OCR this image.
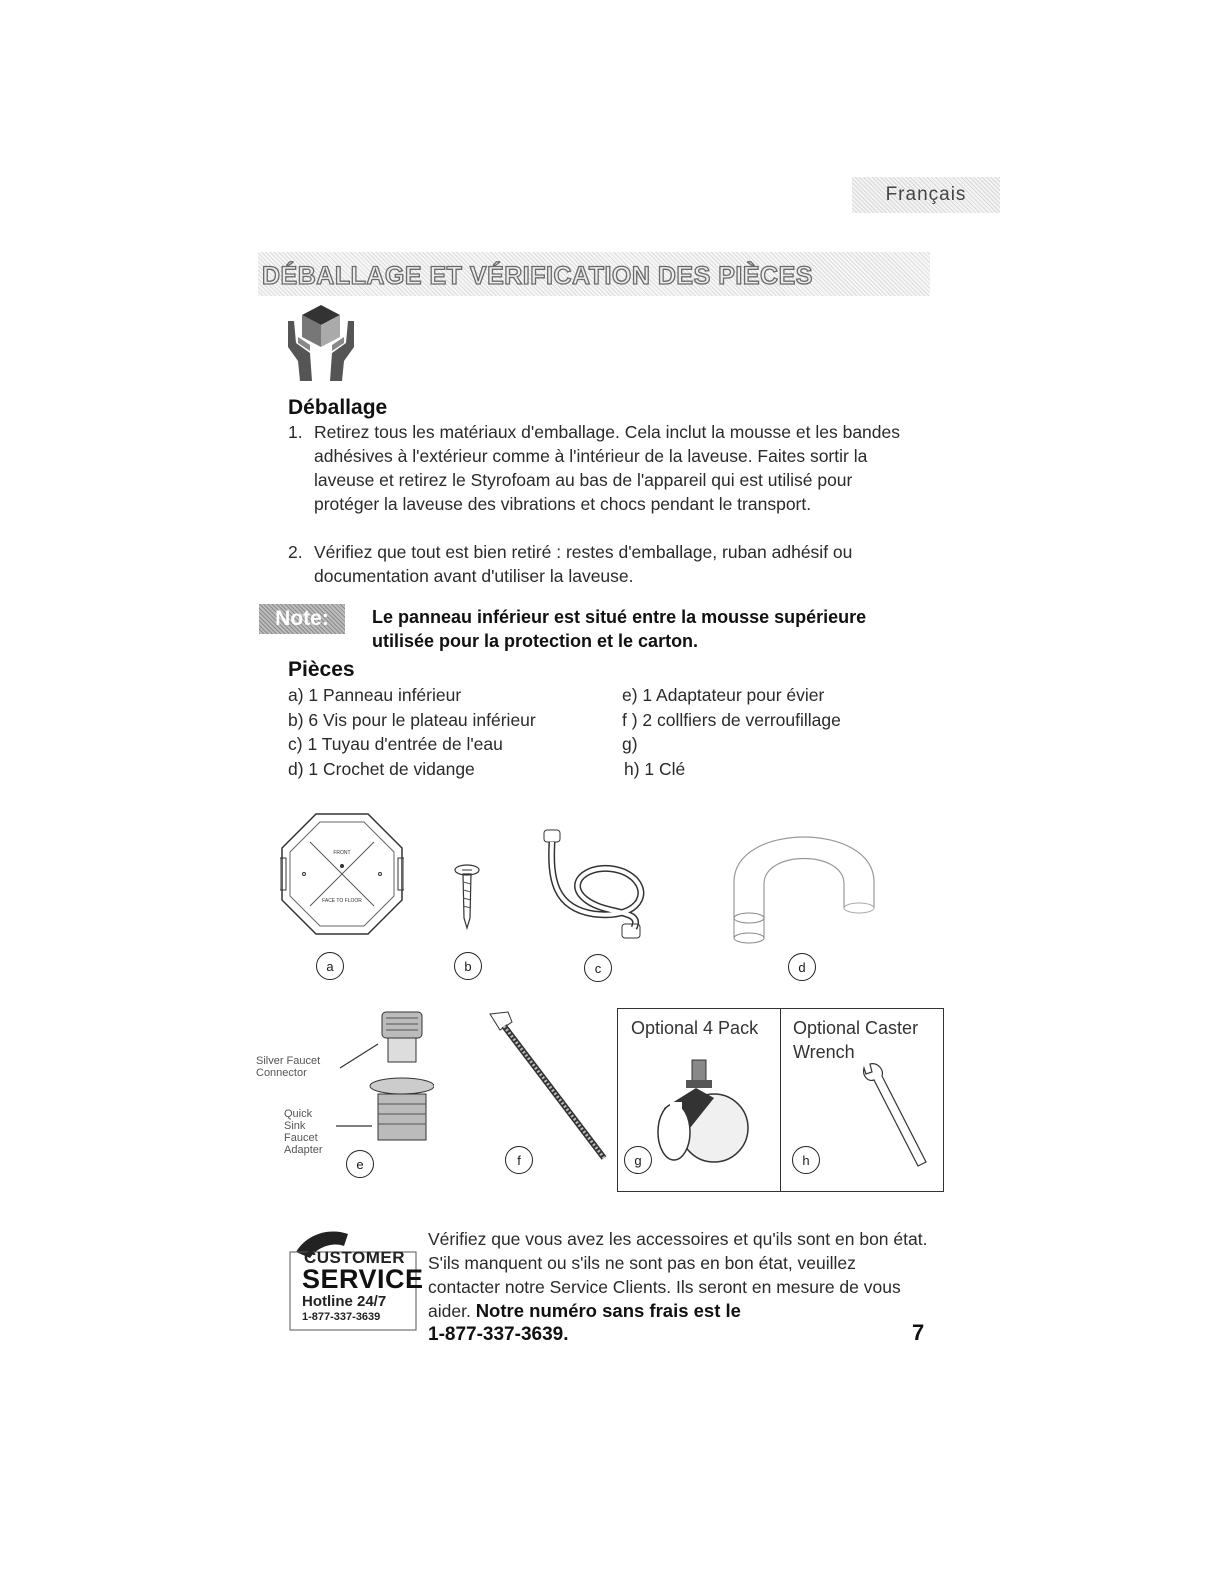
Français
DÉBALLAGE ET VÉRIFICATION DES PIÈCES
Déballage
1. Retirez tous les matériaux d'emballage. Cela inclut la mousse et les bandes adhésives à l'extérieur comme à l'intérieur de la laveuse. Faites sortir la laveuse et retirez le Styrofoam au bas de l'appareil qui est utilisé pour protéger la laveuse des vibrations et chocs pendant le transport.
2. Vérifiez que tout est bien retiré : restes d'emballage, ruban adhésif ou documentation avant d'utiliser la laveuse.
Note:	Le panneau inférieur est situé entre la mousse supérieure utilisée pour la protection et le carton.
Pièces
a) 1 Panneau inférieur
b) 6 Vis pour le plateau inférieur
c) 1 Tuyau d'entrée de l'eau
d) 1 Crochet de vidange
e) 1 Adaptateur pour évier
f ) 2 collfiers de verroufillage
g)
h) 1 Clé
FRONT
FACE TO FLOOR
a	b	c	d
Silver Faucet Connector
Quick Sink Faucet Adapter
e	f
Optional 4 Pack Optional Caster Wrench
g	h
CUSTOMER
SERVICE
Hotline 24/7
1-877-337-3639
Vérifiez que vous avez les accessoires et qu'ils sont en bon état. S'ils manquent ou s'ils ne sont pas en bon état, veuillez contacter notre Service Clients. Ils seront en mesure de vous aider. Notre numéro sans frais est le
1-877-337-3639.	7
